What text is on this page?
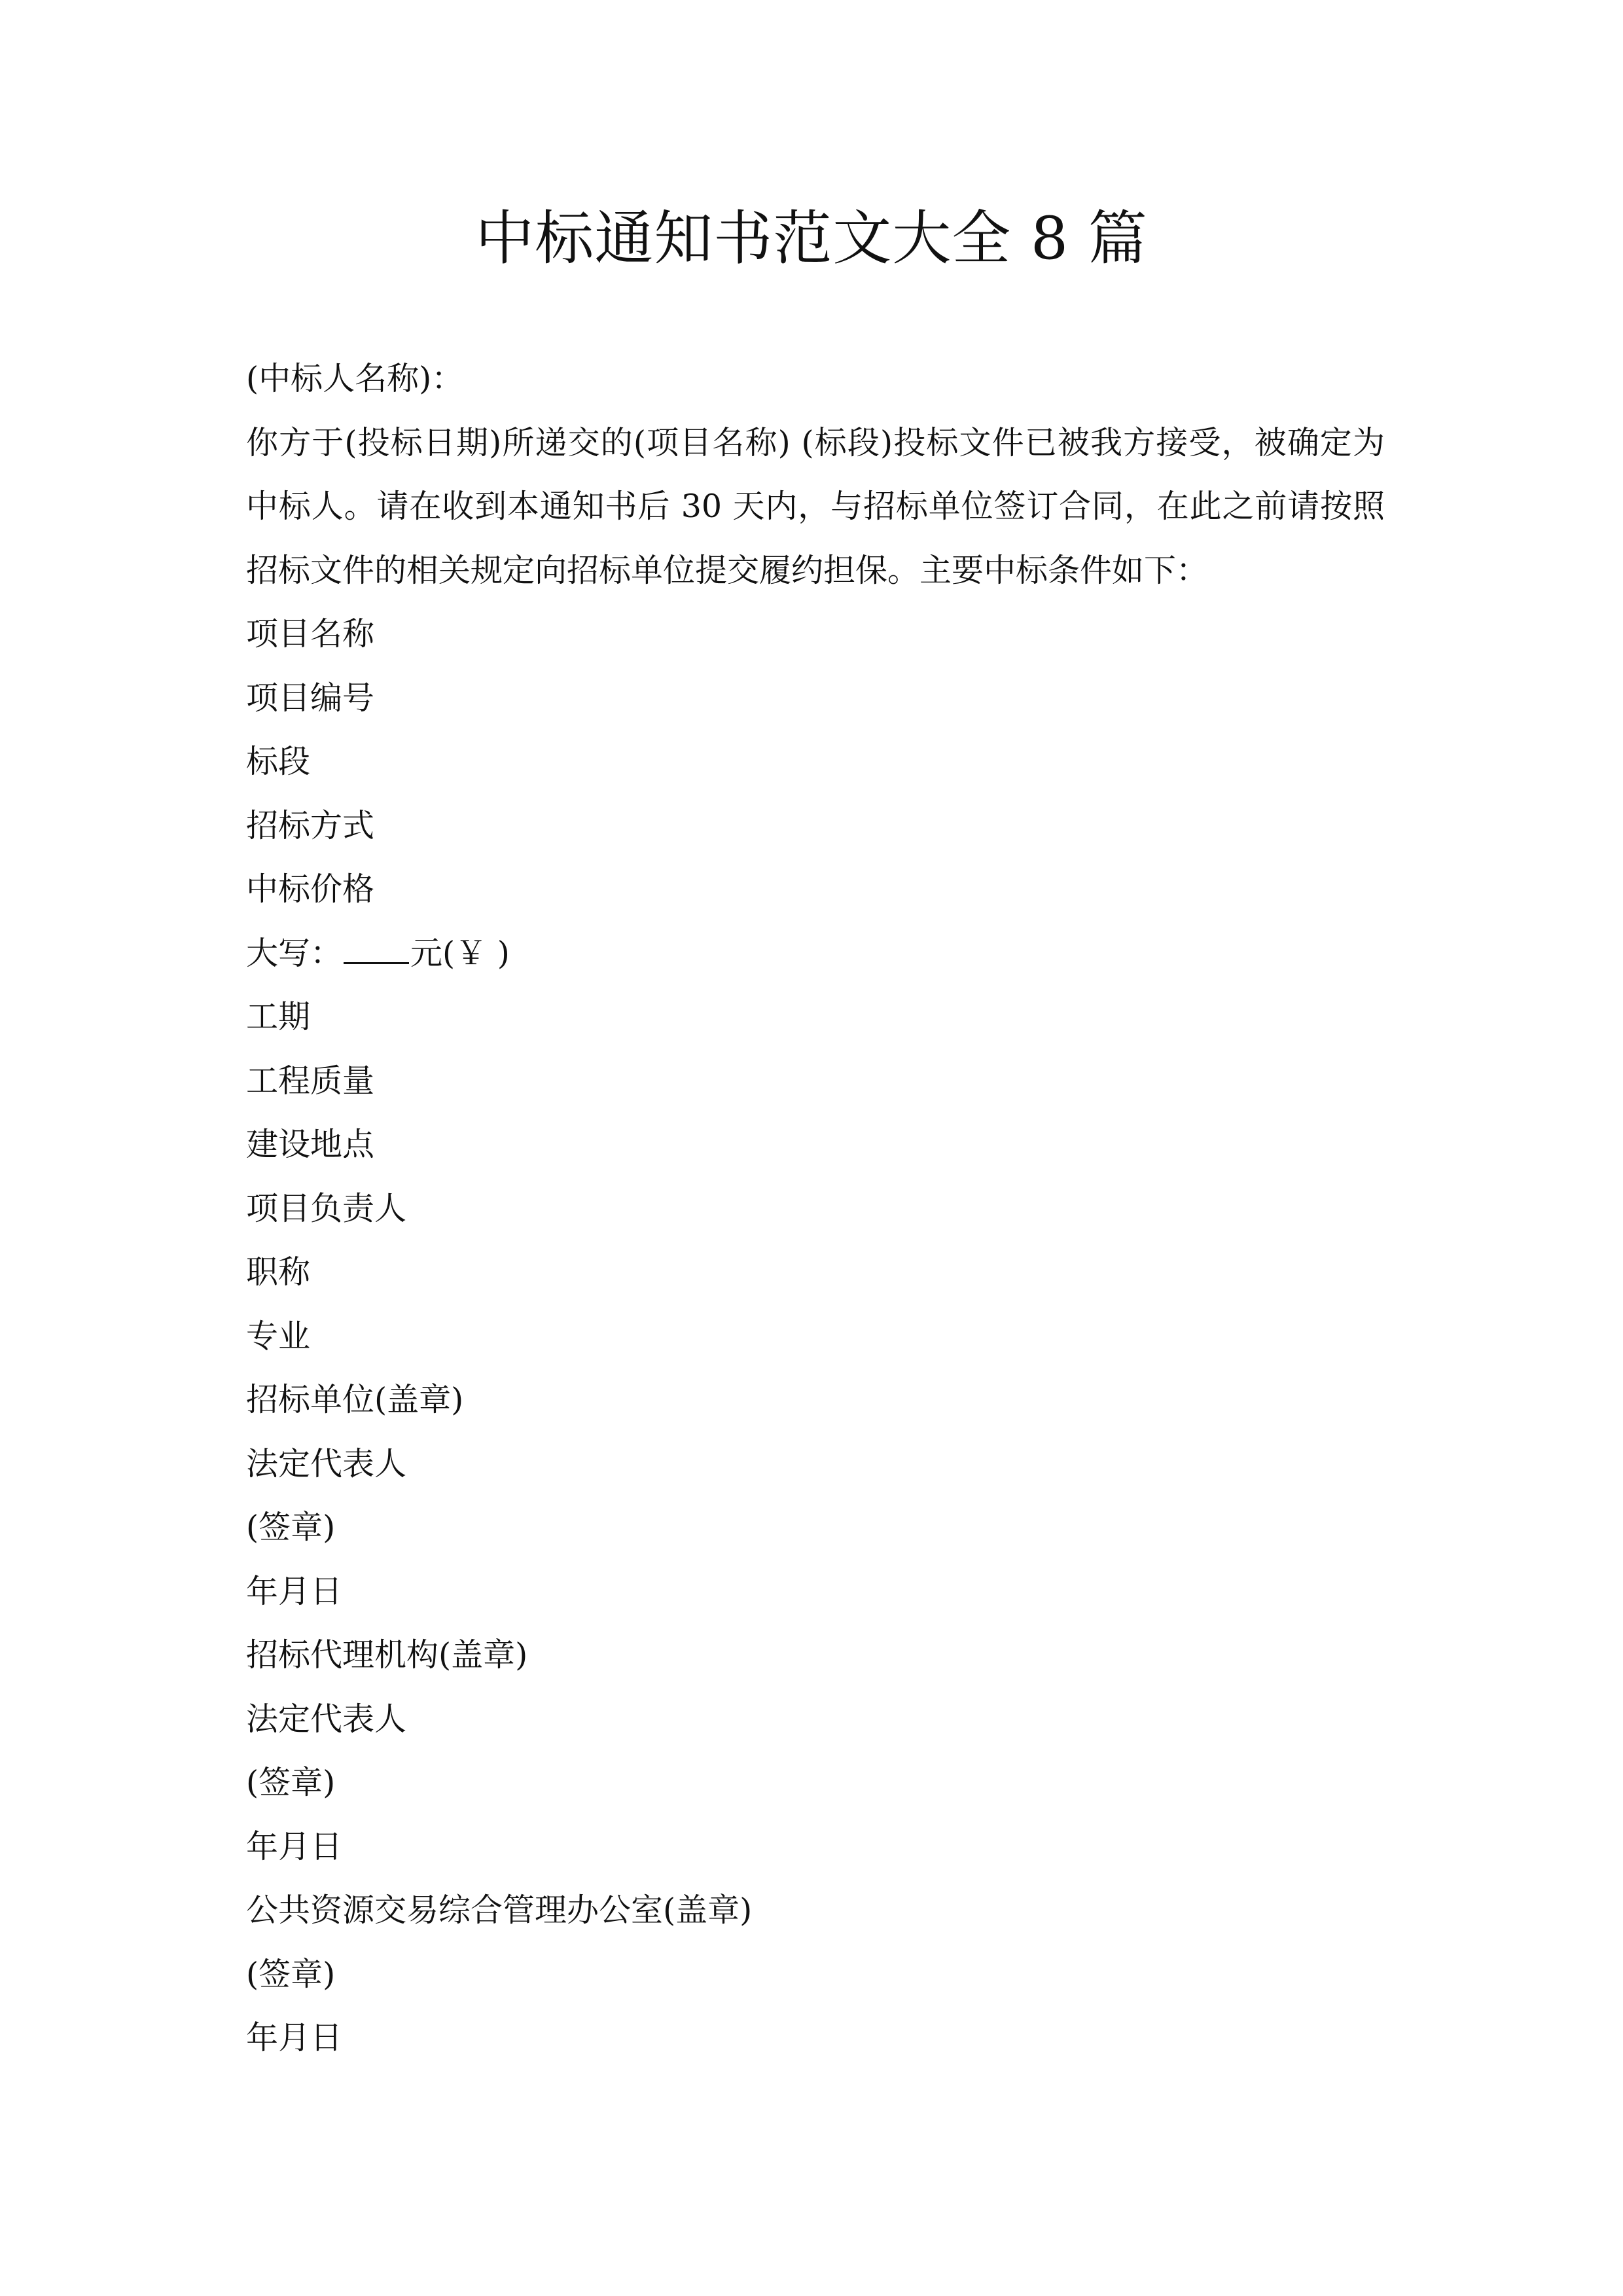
中标通知书范文大全 8 篇

(中标人名称)：

你方于(投标日期)所递交的(项目名称) (标段)投标文件已被我方接受，被确定为中标人。请在收到本通知书后 30 天内，与招标单位签订合同，在此之前请按照招标文件的相关规定向招标单位提交履约担保。主要中标条件如下：

项目名称

项目编号

标段

招标方式

中标价格

大写： 元(￥ )

工期

工程质量

建设地点

项目负责人

职称

专业

招标单位(盖章)

法定代表人

(签章)

年月日

招标代理机构(盖章)

法定代表人

(签章)

年月日

公共资源交易综合管理办公室(盖章)

(签章)

年月日
